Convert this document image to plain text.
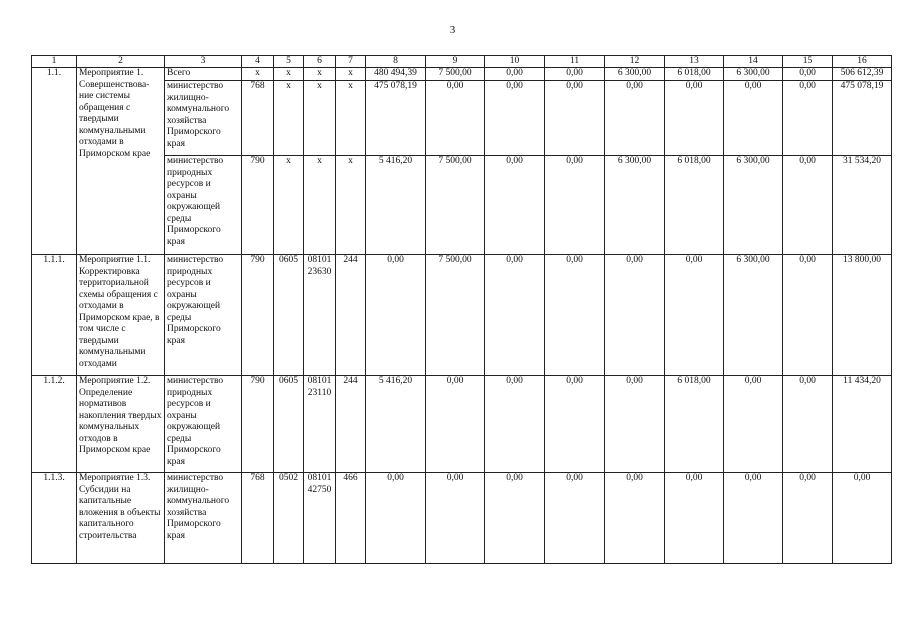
3
1	2	3	4	5	6	7	8	9	10	11	12	13	14	15	16
1.1.	Мероприятие 1. Совершенствова-ние системы обращения с твердыми коммунальными отходами в Приморском крае	Всего	x	x	x	x	480 494,39	7 500,00	0,00	0,00	6 300,00	6 018,00	6 300,00	0,00	506 612,39
		министерство жилищно-коммунального хозяйства Приморского края	768	x	x	x	475 078,19	0,00	0,00	0,00	0,00	0,00	0,00	0,00	475 078,19
		министерство природных ресурсов и охраны окружающей среды Приморского края	790	x	x	x	5 416,20	7 500,00	0,00	0,00	6 300,00	6 018,00	6 300,00	0,00	31 534,20
1.1.1.	Мероприятие 1.1. Корректировка территориальной схемы обращения с отходами в Приморском крае, в том числе с твердыми коммунальными отходами	министерство природных ресурсов и охраны окружающей среды Приморского края	790	0605	08101 23630	244	0,00	7 500,00	0,00	0,00	0,00	0,00	6 300,00	0,00	13 800,00
1.1.2.	Мероприятие 1.2. Определение нормативов накопления твердых коммунальных отходов в Приморском крае	министерство природных ресурсов и охраны окружающей среды Приморского края	790	0605	08101 23110	244	5 416,20	0,00	0,00	0,00	0,00	6 018,00	0,00	0,00	11 434,20
1.1.3.	Мероприятие 1.3. Субсидии на капитальные вложения в объекты капитального строительства	министерство жилищно-коммунального хозяйства Приморского края	768	0502	08101 42750	466	0,00	0,00	0,00	0,00	0,00	0,00	0,00	0,00	0,00
